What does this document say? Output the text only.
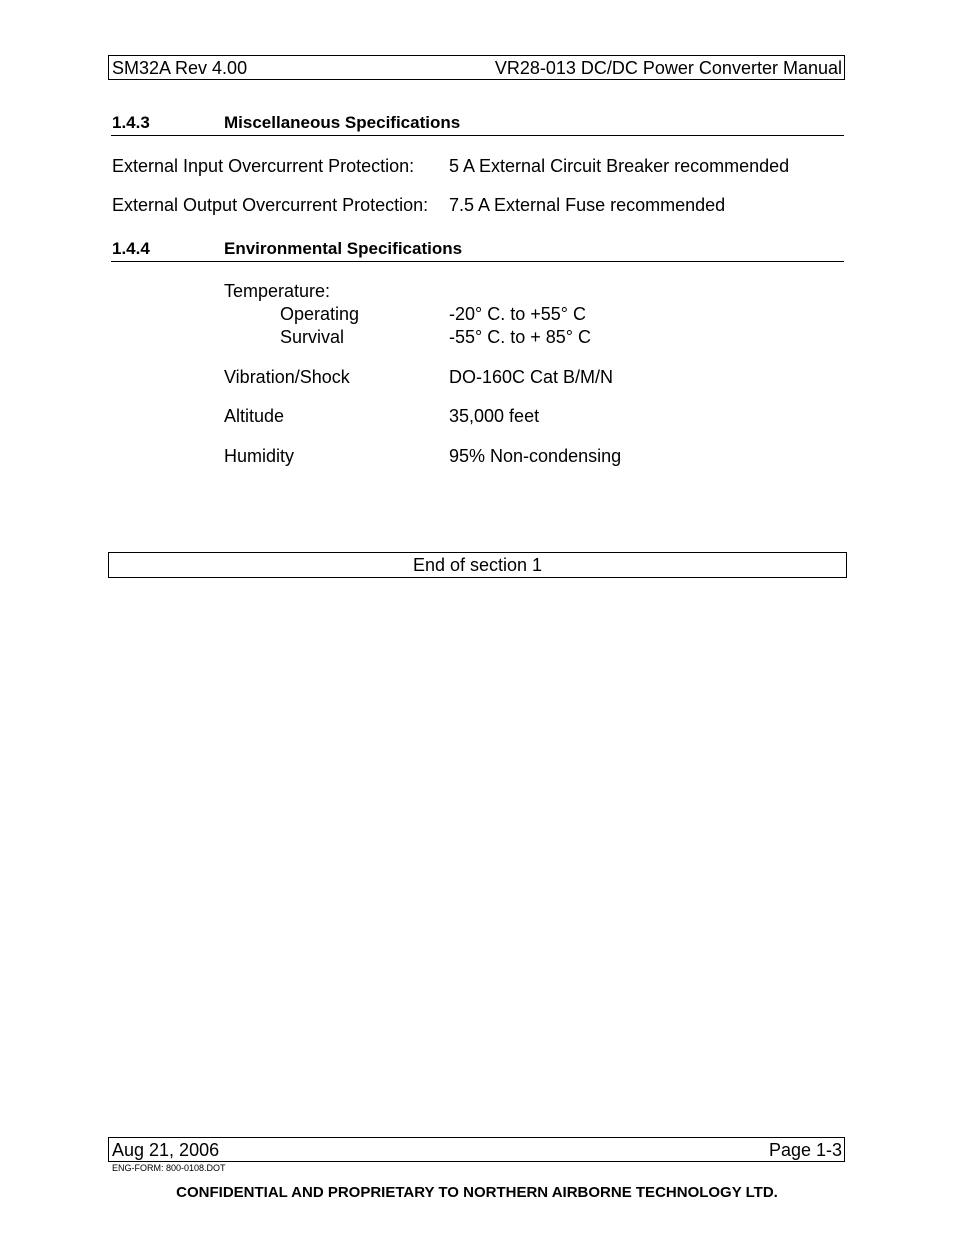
SM32A Rev 4.00	VR28-013 DC/DC Power Converter Manual
1.4.3	Miscellaneous Specifications
External Input Overcurrent Protection: 5 A External Circuit Breaker recommended
External Output Overcurrent Protection: 7.5 A External Fuse recommended
1.4.4	Environmental Specifications
Temperature:
Operating	-20° C. to +55° C
Survival	-55° C. to + 85° C
Vibration/Shock	DO-160C Cat B/M/N
Altitude	35,000 feet
Humidity	95% Non-condensing
End of section 1
Aug 21, 2006	Page 1-3
ENG-FORM: 800-0108.DOT
CONFIDENTIAL AND PROPRIETARY TO NORTHERN AIRBORNE TECHNOLOGY LTD.
